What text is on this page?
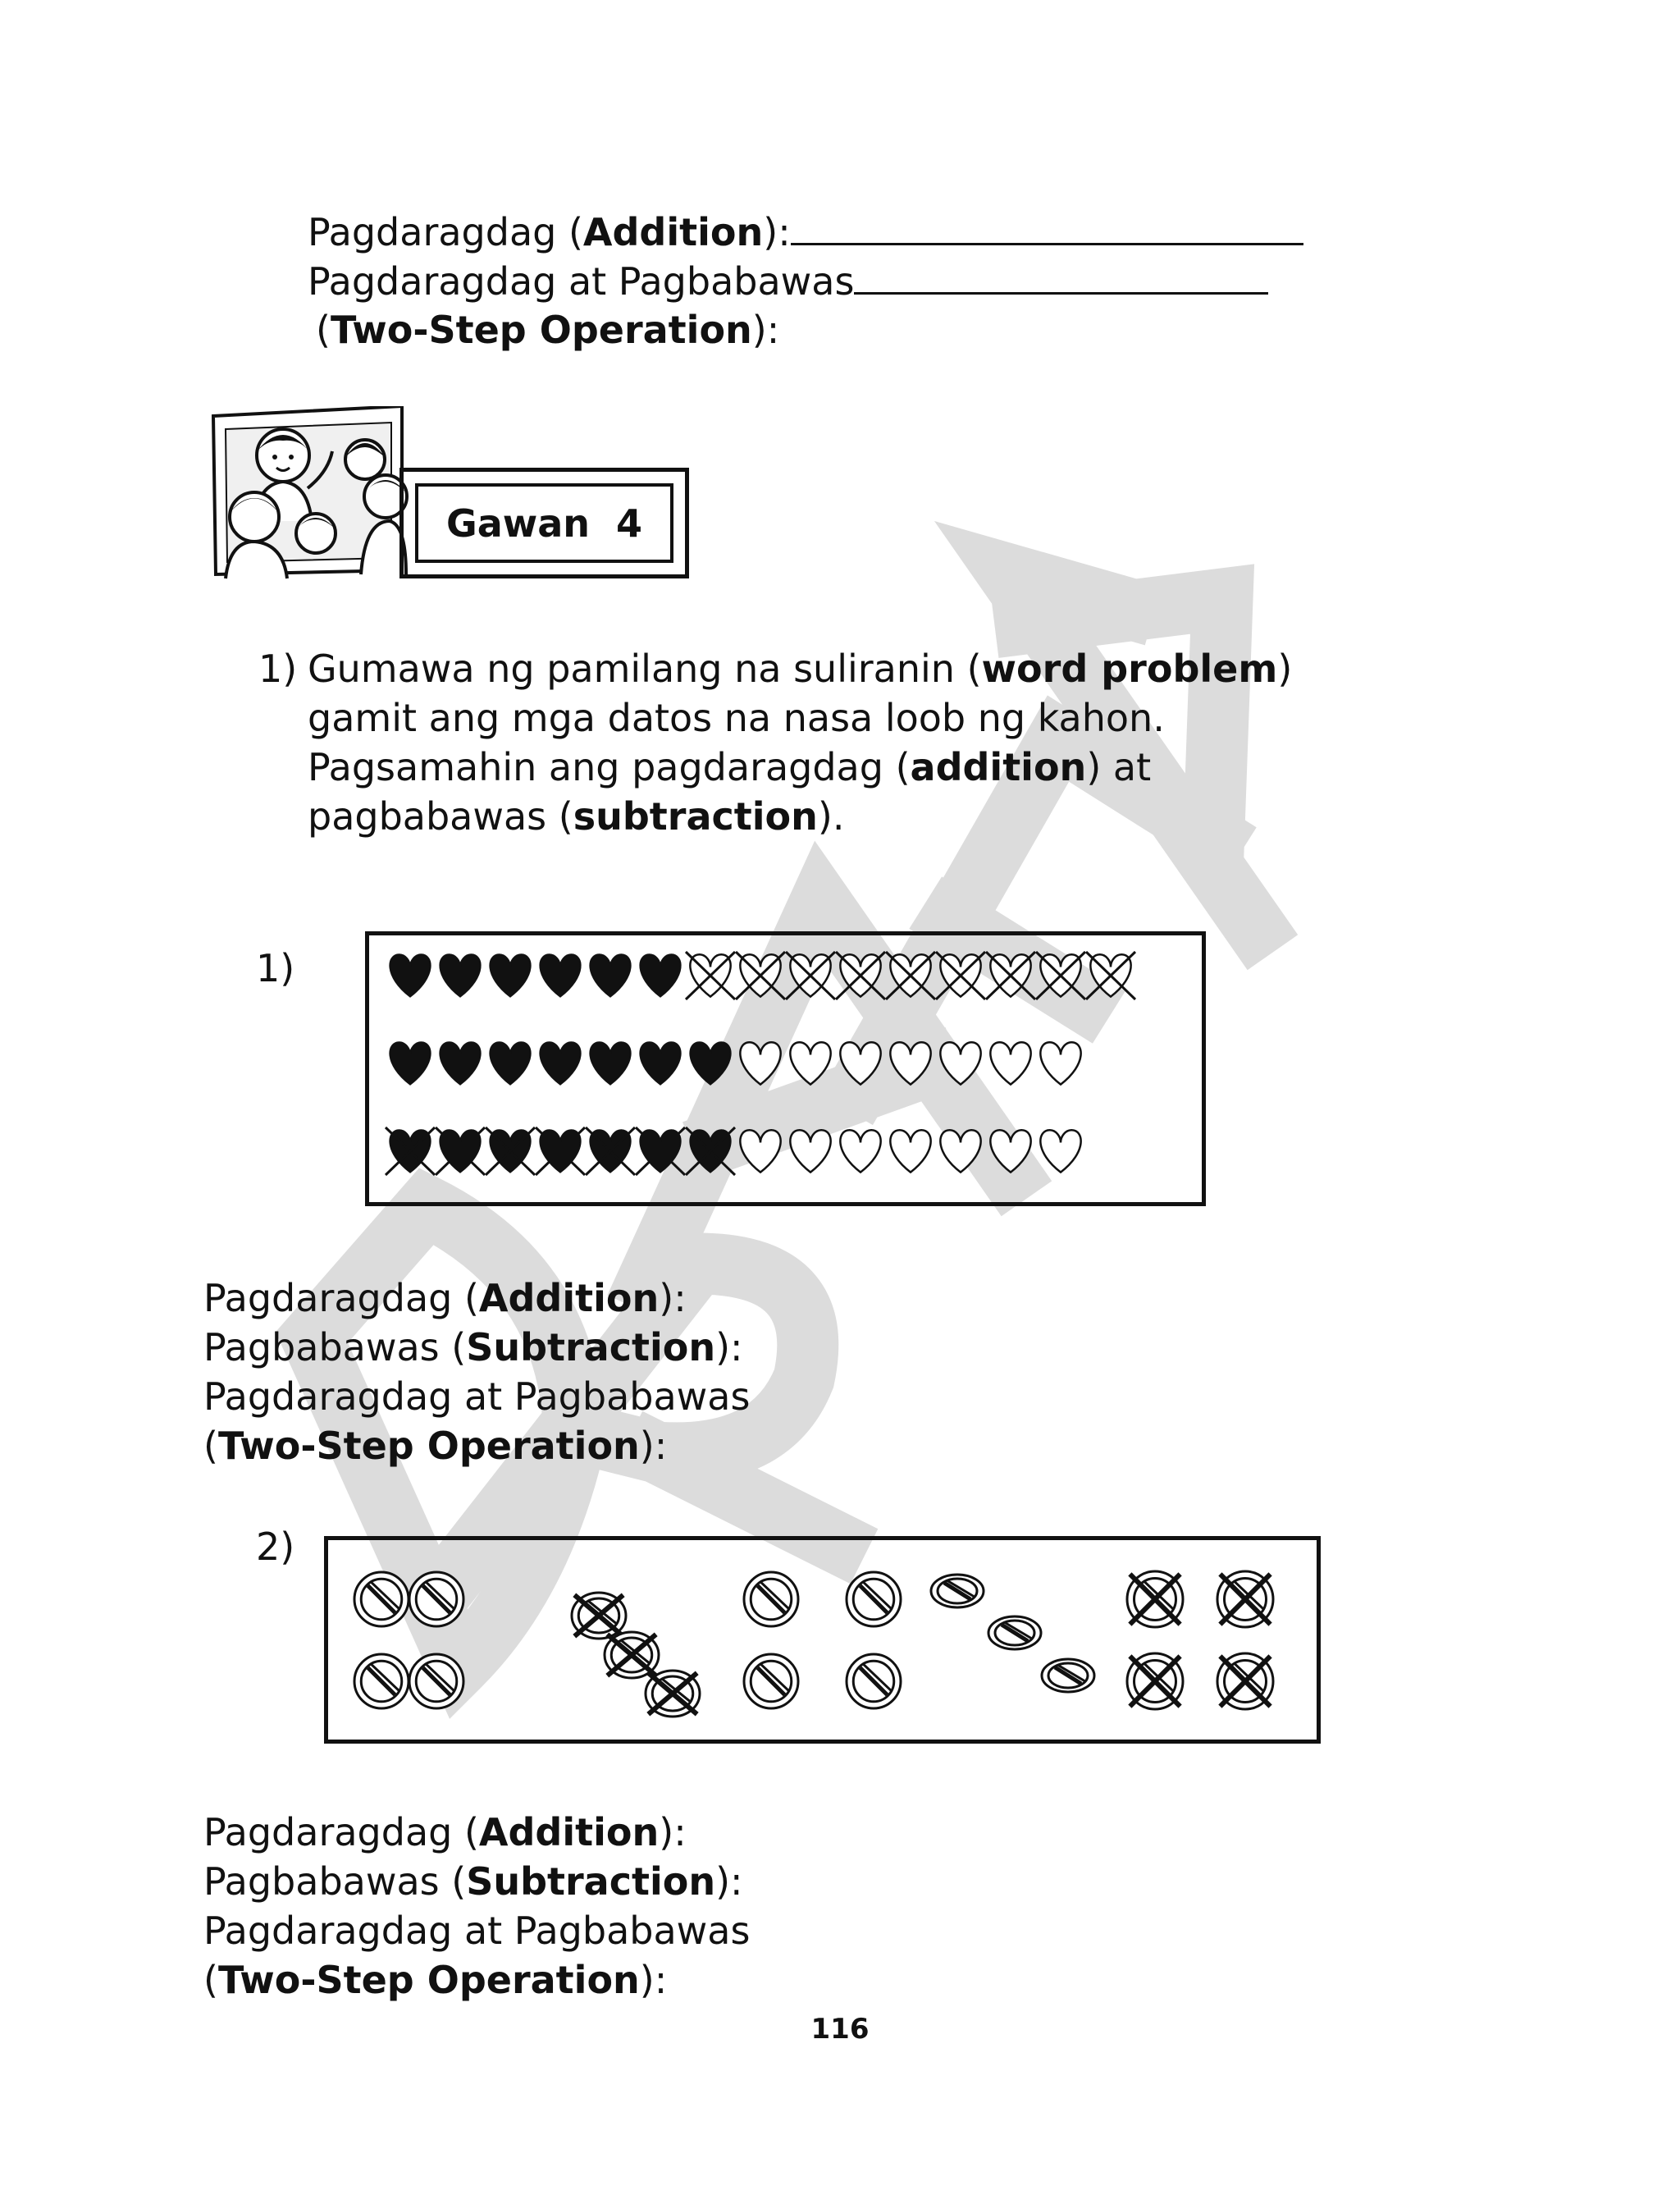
Pagdaragdag (Addition):
Pagdaragdag at Pagbabawas
(Two-Step Operation):
Gawan  4
1) Gumawa ng pamilang na suliranin (word problem)
gamit ang mga datos na nasa loob ng kahon.
Pagsamahin ang pagdaragdag (addition) at
pagbabawas (subtraction).
1)
Pagdaragdag (Addition):
Pagbabawas (Subtraction):
Pagdaragdag at Pagbabawas
(Two-Step Operation):
2)
Pagdaragdag (Addition):
Pagbabawas (Subtraction):
Pagdaragdag at Pagbabawas
(Two-Step Operation):
116
